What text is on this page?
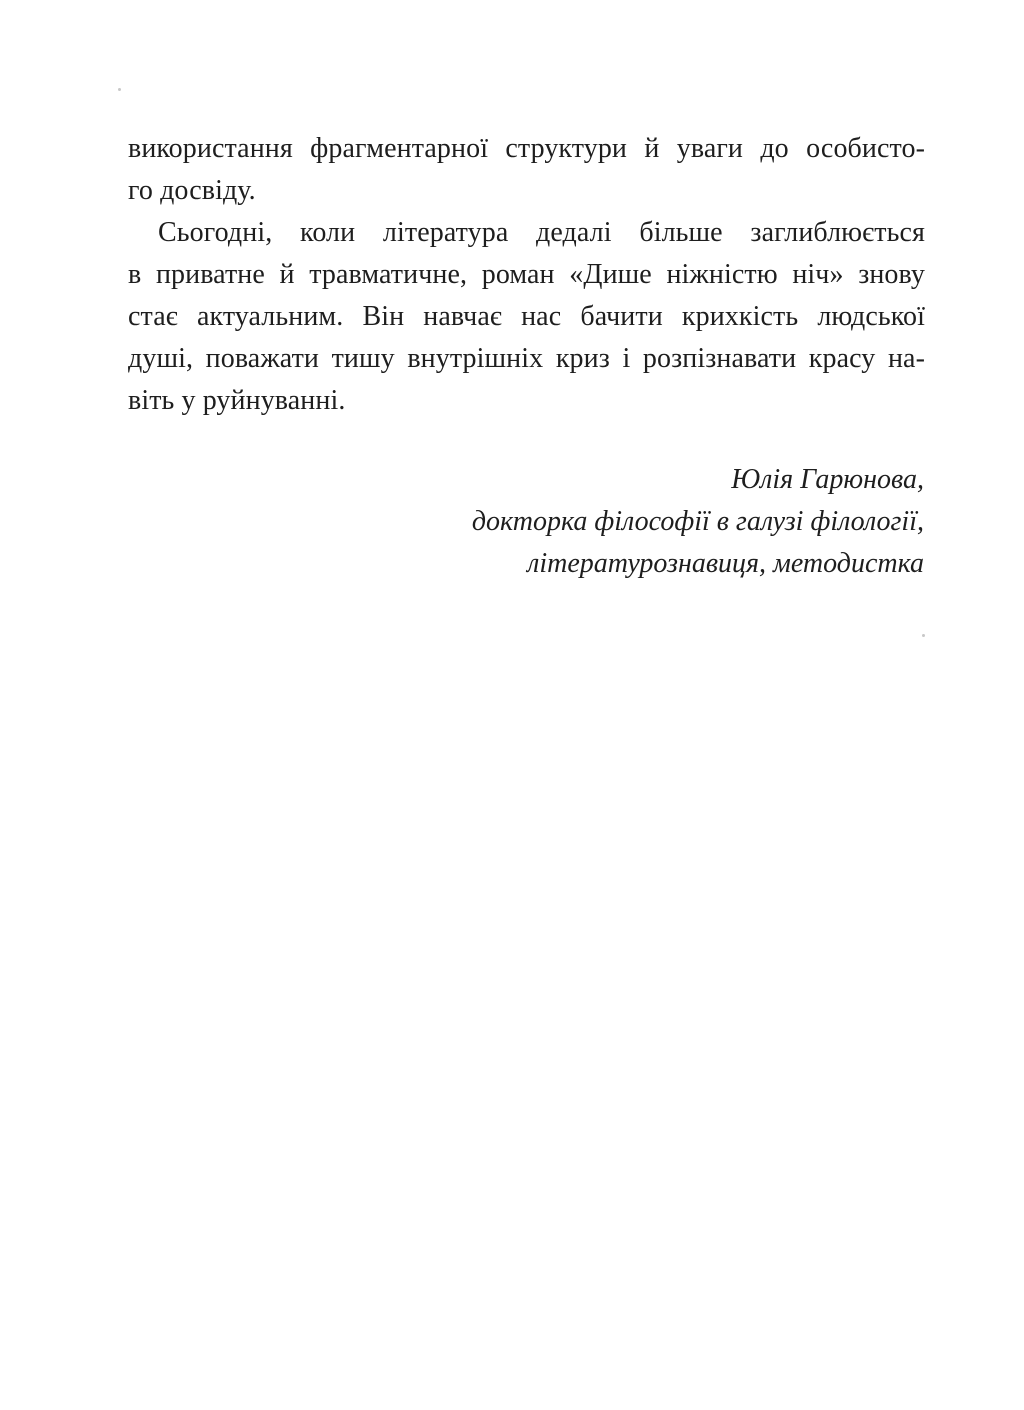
використання фрагментарної структури й уваги до особисто-
го досвіду.
Сьогодні, коли література дедалі більше заглиблюється
в приватне й травматичне, роман «Дише ніжністю ніч» знову
стає актуальним. Він навчає нас бачити крихкість людської
душі, поважати тишу внутрішніх криз і розпізнавати красу на-
віть у руйнуванні.
Юлія Гарюнова,
докторка філософії в галузі філології,
літературознавиця, методистка
